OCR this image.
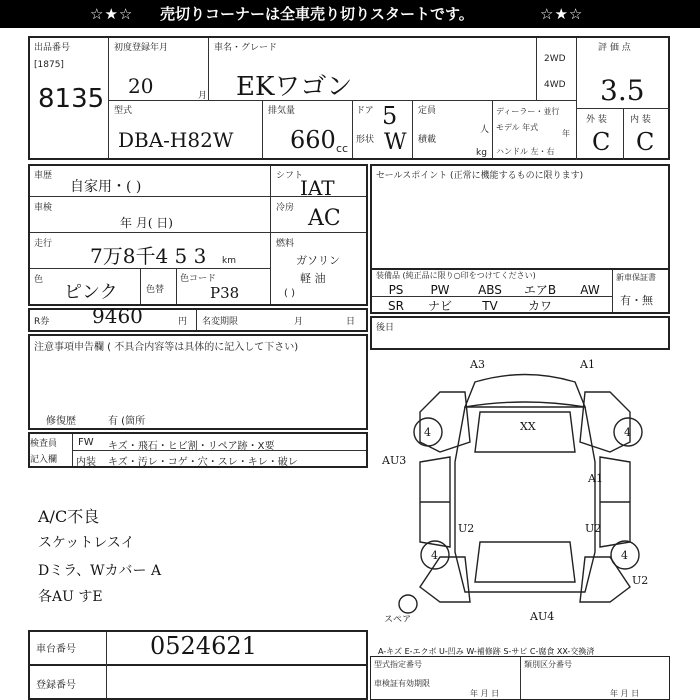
☆★☆ 売切りコーナーは全車売り切りスタートです。	☆★☆
出品番号
[1875]
8135
初度登録年月
20	月
車名・グレード
EKワゴン
2WD
4WD
評 価 点
3.5
型式
DBA-H82W
排気量
660 cc
ドア 5
形状 W
定員
人
積載
kg
ディーラー・並行
モデル 年式
年
ハンドル 左・右
外 装	内 装
C C
車歴
自家用・( )
車検
年 月( 日)
走行 7万8千4 5 3 km
色
ピンク	色替
色コード
P38
シフト
IAT
冷房 AC
燃料
ガソリン
軽 油
( )
セールスポイント (正常に機能するものに限ります)
装備品 (純正品に限り○印をつけてください)	新車保証書
有・無
PS	PW	ABS	エアB	AW
SR	ナビ	TV	カワ
R券 9460	円 名変期限	月	日
後日
注意事項申告欄 ( 不具合内容等は具体的に記入して下さい)
修復歴	有 (箇所
検査員
記入欄
FW キズ・飛石・ヒビ割・リペア跡・X要
内装 キズ・汚レ・コゲ・穴・スレ・キレ・破レ
A/C不良
スケットレスイ
Dミラ、Wカバー A
各AU すE
A3	A1
XX
AU3
A1
U2	U2
U2
AU4
4	4
4	4
スペア
車台番号	0524621
登録番号
A-キズ E-エクボ U-凹み W-補修跡 S-サビ C-腐食 XX-交換済
型式指定番号	類別区分番号
車検証有効期限
年 月 日	年 月 日
